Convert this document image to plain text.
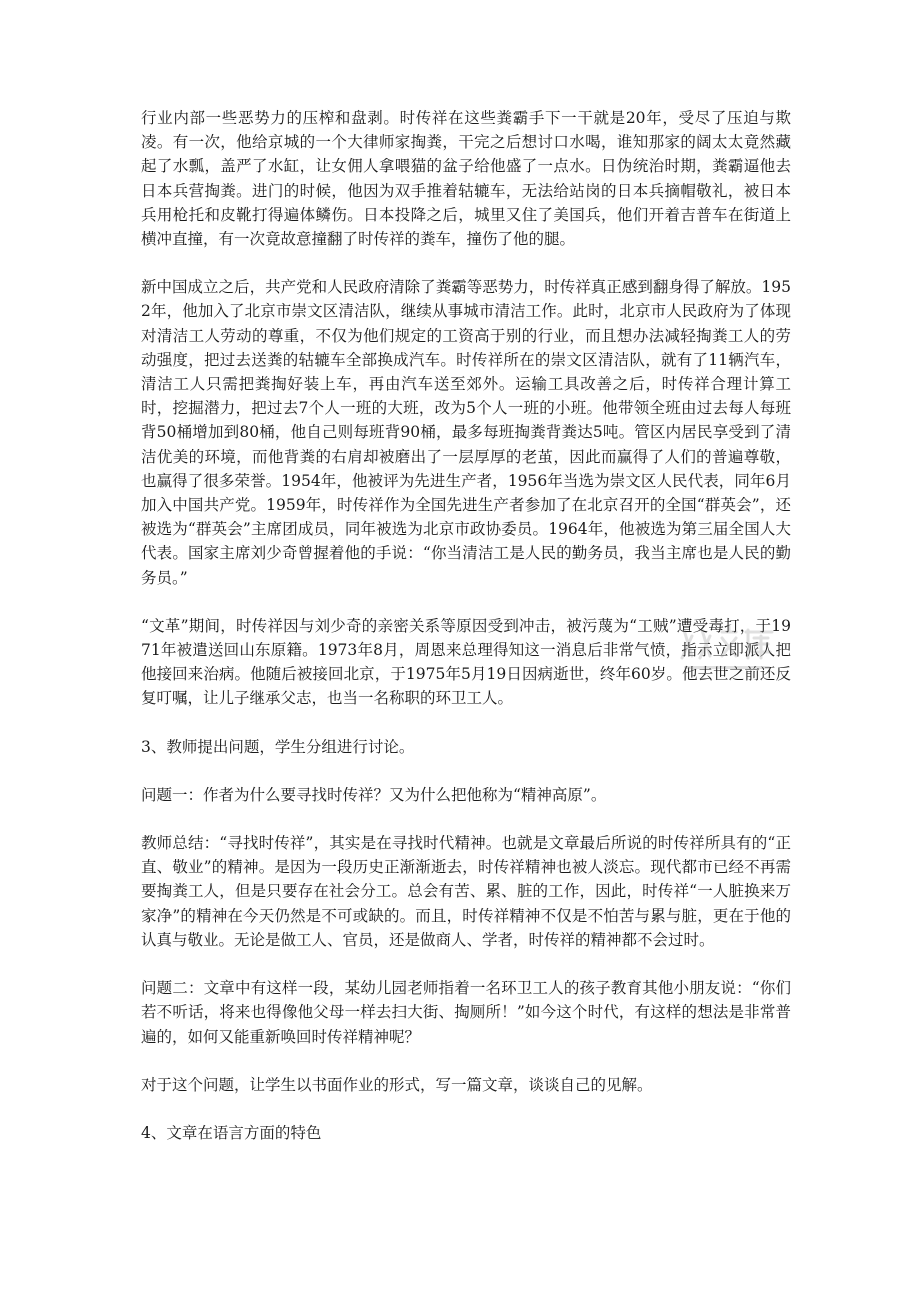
行业内部一些恶势力的压榨和盘剥。时传祥在这些粪霸手下一干就是20年，受尽了压迫与欺凌。有一次，他给京城的一个大律师家掏粪，干完之后想讨口水喝，谁知那家的阔太太竟然藏起了水瓢，盖严了水缸，让女佣人拿喂猫的盆子给他盛了一点水。日伪统治时期，粪霸逼他去日本兵营掏粪。进门的时候，他因为双手推着轱辘车，无法给站岗的日本兵摘帽敬礼，被日本兵用枪托和皮靴打得遍体鳞伤。日本投降之后，城里又住了美国兵，他们开着吉普车在街道上横冲直撞，有一次竟故意撞翻了时传祥的粪车，撞伤了他的腿。

新中国成立之后，共产党和人民政府清除了粪霸等恶势力，时传祥真正感到翻身得了解放。1952年，他加入了北京市崇文区清洁队，继续从事城市清洁工作。此时，北京市人民政府为了体现对清洁工人劳动的尊重，不仅为他们规定的工资高于别的行业，而且想办法减轻掏粪工人的劳动强度，把过去送粪的轱辘车全部换成汽车。时传祥所在的崇文区清洁队，就有了11辆汽车，清洁工人只需把粪掏好装上车，再由汽车送至郊外。运输工具改善之后，时传祥合理计算工时，挖掘潜力，把过去7个人一班的大班，改为5个人一班的小班。他带领全班由过去每人每班背50桶增加到80桶，他自己则每班背90桶，最多每班掏粪背粪达5吨。管区内居民享受到了清洁优美的环境，而他背粪的右肩却被磨出了一层厚厚的老茧，因此而赢得了人们的普遍尊敬，也赢得了很多荣誉。1954年，他被评为先进生产者，1956年当选为崇文区人民代表，同年6月加入中国共产党。1959年，时传祥作为全国先进生产者参加了在北京召开的全国“群英会”，还被选为“群英会”主席团成员，同年被选为北京市政协委员。1964年，他被选为第三届全国人大代表。国家主席刘少奇曾握着他的手说：“你当清洁工是人民的勤务员，我当主席也是人民的勤务员。”

“文革”期间，时传祥因与刘少奇的亲密关系等原因受到冲击，被污蔑为“工贼”遭受毒打，于1971年被遣送回山东原籍。1973年8月，周恩来总理得知这一消息后非常气愤，指示立即派人把他接回来治病。他随后被接回北京，于1975年5月19日因病逝世，终年60岁。他去世之前还反复叮嘱，让儿子继承父志，也当一名称职的环卫工人。

3、教师提出问题，学生分组进行讨论。

问题一：作者为什么要寻找时传祥？又为什么把他称为“精神高原”。

教师总结：“寻找时传祥”，其实是在寻找时代精神。也就是文章最后所说的时传祥所具有的“正直、敬业”的精神。是因为一段历史正渐渐逝去，时传祥精神也被人淡忘。现代都市已经不再需要掏粪工人，但是只要存在社会分工。总会有苦、累、脏的工作，因此，时传祥“一人脏换来万家净”的精神在今天仍然是不可或缺的。而且，时传祥精神不仅是不怕苦与累与脏，更在于他的认真与敬业。无论是做工人、官员，还是做商人、学者，时传祥的精神都不会过时。

问题二：文章中有这样一段，某幼儿园老师指着一名环卫工人的孩子教育其他小朋友说：“你们若不听话，将来也得像他父母一样去扫大街、掏厕所！”如今这个时代，有这样的想法是非常普遍的，如何又能重新唤回时传祥精神呢？

对于这个问题，让学生以书面作业的形式，写一篇文章，谈谈自己的见解。

4、文章在语言方面的特色
